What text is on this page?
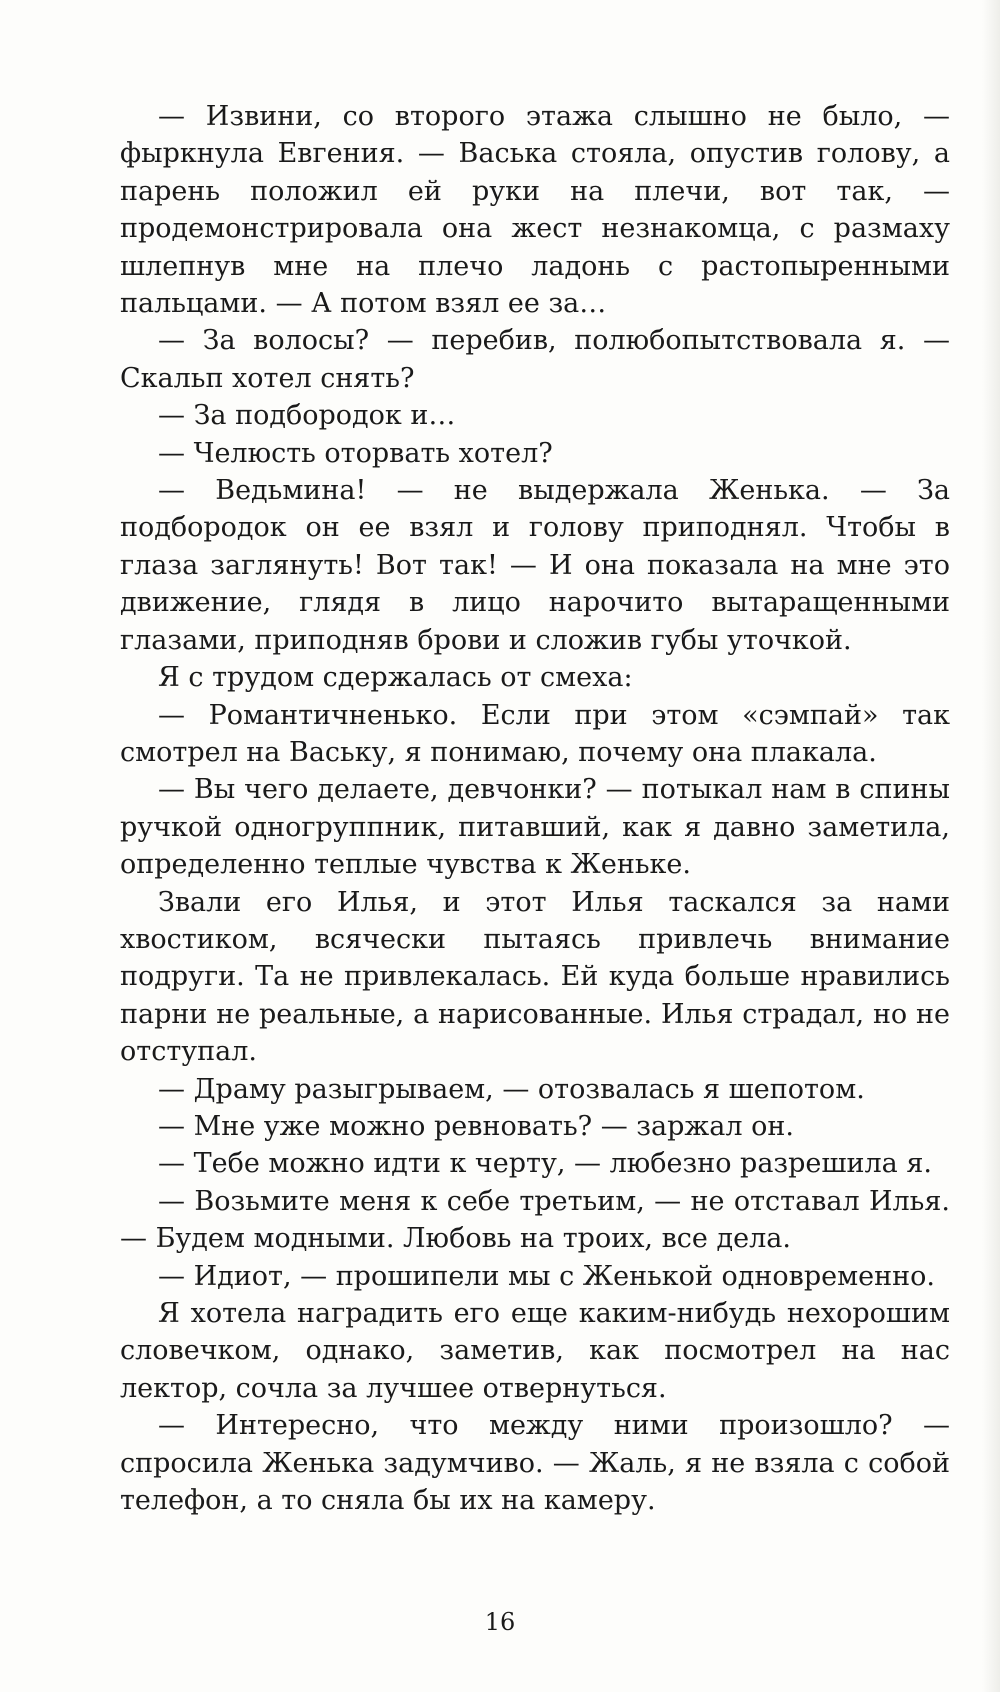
— Извини, со второго этажа слышно не было, — фыркнула Евгения. — Васька стояла, опустив голову, а парень положил ей руки на плечи, вот так, — продемонстрировала она жест незнакомца, с размаху шлепнув мне на плечо ладонь с растопыренными пальцами. — А потом взял ее за…

— За волосы? — перебив, полюбопытствовала я. — Скальп хотел снять?

— За подбородок и…

— Челюсть оторвать хотел?

— Ведьмина! — не выдержала Женька. — За подбородок он ее взял и голову приподнял. Чтобы в глаза заглянуть! Вот так! — И она показала на мне это движение, глядя в лицо нарочито вытаращенными глазами, приподняв брови и сложив губы уточкой.

Я с трудом сдержалась от смеха:

— Романтичненько. Если при этом «сэмпай» так смотрел на Ваську, я понимаю, почему она плакала.

— Вы чего делаете, девчонки? — потыкал нам в спины ручкой одногруппник, питавший, как я давно заметила, определенно теплые чувства к Женьке.

Звали его Илья, и этот Илья таскался за нами хвостиком, всячески пытаясь привлечь внимание подруги. Та не привлекалась. Ей куда больше нравились парни не реальные, а нарисованные. Илья страдал, но не отступал.

— Драму разыгрываем, — отозвалась я шепотом.

— Мне уже можно ревновать? — заржал он.

— Тебе можно идти к черту, — любезно разрешила я.

— Возьмите меня к себе третьим, — не отставал Илья. — Будем модными. Любовь на троих, все дела.

— Идиот, — прошипели мы с Женькой одновременно.

Я хотела наградить его еще каким-нибудь нехорошим словечком, однако, заметив, как посмотрел на нас лектор, сочла за лучшее отвернуться.

— Интересно, что между ними произошло? — спросила Женька задумчиво. — Жаль, я не взяла с собой телефон, а то сняла бы их на камеру.

16
